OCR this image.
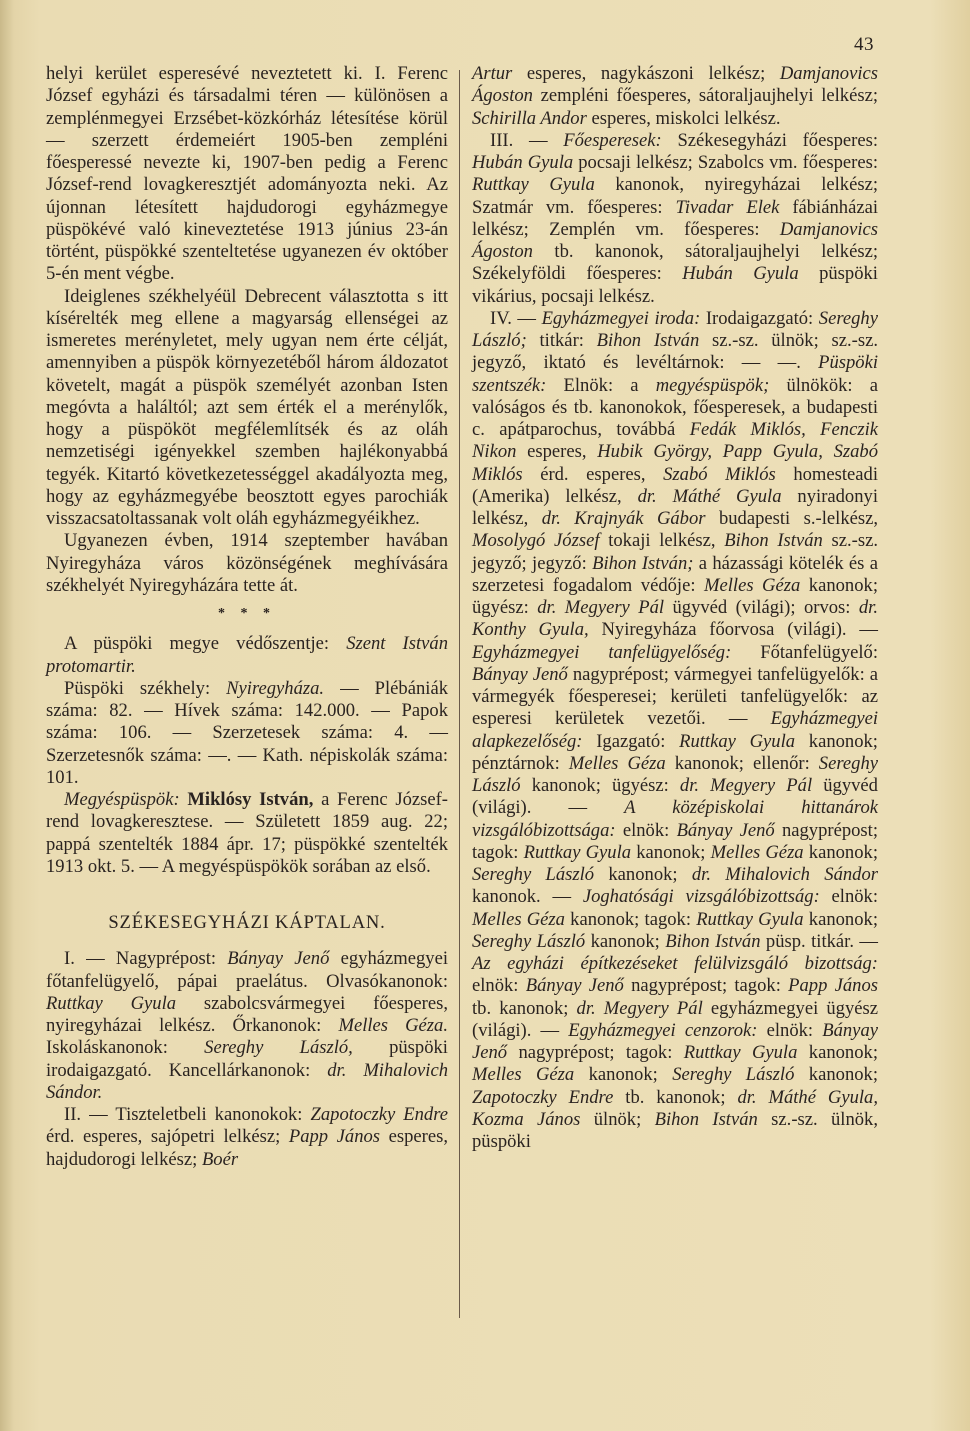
43

helyi kerület esperesévé neveztetett ki. I. Ferenc József egyházi és társadalmi téren — különösen a zemplénmegyei Erzsébet-közkórház létesítése körül — szerzett érdemeiért 1905-ben zempléni főesperessé nevezte ki, 1907-ben pedig a Ferenc József-rend lovagkeresztjét adományozta neki. Az újonnan létesített hajdudorogi egyházmegye püspökévé való kineveztetése 1913 június 23-án történt, püspökké szenteltetése ugyanezen év október 5-én ment végbe.

Ideiglenes székhelyéül Debrecent választotta s itt kísérelték meg ellene a magyarság ellenségei az ismeretes merényletet, mely ugyan nem érte célját, amennyiben a püspök környezetéből három áldozatot követelt, magát a püspök személyét azonban Isten megóvta a haláltól; azt sem érték el a merénylők, hogy a püspököt megfélemlítsék és az oláh nemzetiségi igényekkel szemben hajlékonyabbá tegyék. Kitartó következetességgel akadályozta meg, hogy az egyházmegyébe beosztott egyes parochiák visszacsatoltassanak volt oláh egyházmegyéikhez.

Ugyanezen évben, 1914 szeptember havában Nyiregyháza város közönségének meghívására székhelyét Nyiregyházára tette át.

* * *

A püspöki megye védőszentje: Szent István protomartir.

Püspöki székhely: Nyiregyháza. — Plébániák száma: 82. — Hívek száma: 142.000. — Papok száma: 106. — Szerzetesek száma: 4. — Szerzetesnők száma: —. — Kath. népiskolák száma: 101.

Megyéspüspök: Miklósy István, a Ferenc József-rend lovagkeresztese. — Született 1859 aug. 22; pappá szentelték 1884 ápr. 17; püspökké szentelték 1913 okt. 5. — A megyéspüspökök sorában az első.

SZÉKESEGYHÁZI KÁPTALAN.

I. — Nagyprépost: Bányay Jenő egyházmegyei főtanfelügyelő, pápai praelátus. Olvasókanonok: Ruttkay Gyula szabolcsvármegyei főesperes, nyiregyházai lelkész. Őrkanonok: Melles Géza. Iskoláskanonok: Sereghy László, püspöki irodaigazgató. Kancellárkanonok: dr. Mihalovich Sándor.

II. — Tiszteletbeli kanonokok: Zapotoczky Endre érd. esperes, sajópetri lelkész; Papp János esperes, hajdudorogi lelkész; Boér

Artur esperes, nagykászoni lelkész; Damjanovics Ágoston zempléni főesperes, sátoraljaujhelyi lelkész; Schirilla Andor esperes, miskolci lelkész.

III. — Főesperesek: Székesegyházi főesperes: Hubán Gyula pocsaji lelkész; Szabolcs vm. főesperes: Ruttkay Gyula kanonok, nyiregyházai lelkész; Szatmár vm. főesperes: Tivadar Elek fábiánházai lelkész; Zemplén vm. főesperes: Damjanovics Ágoston tb. kanonok, sátoraljaujhelyi lelkész; Székelyföldi főesperes: Hubán Gyula püspöki vikárius, pocsaji lelkész.

IV. — Egyházmegyei iroda: Irodaigazgató: Sereghy László; titkár: Bihon István sz.-sz. ülnök; sz.-sz. jegyző, iktató és levéltárnok: — —. Püspöki szentszék: Elnök: a megyéspüspök; ülnökök: a valóságos és tb. kanonokok, főesperesek, a budapesti c. apátparochus, továbbá Fedák Miklós, Fenczik Nikon esperes, Hubik György, Papp Gyula, Szabó Miklós érd. esperes, Szabó Miklós homesteadi (Amerika) lelkész, dr. Máthé Gyula nyiradonyi lelkész, dr. Krajnyák Gábor budapesti s.-lelkész, Mosolygó József tokaji lelkész, Bihon István sz.-sz. jegyző; jegyző: Bihon István; a házassági kötelék és a szerzetesi fogadalom védője: Melles Géza kanonok; ügyész: dr. Megyery Pál ügyvéd (világi); orvos: dr. Konthy Gyula, Nyiregyháza főorvosa (világi). — Egyházmegyei tanfelügyelőség: Főtanfelügyelő: Bányay Jenő nagyprépost; vármegyei tanfelügyelők: a vármegyék főesperesei; kerületi tanfelügyelők: az esperesi kerületek vezetői. — Egyházmegyei alapkezelőség: Igazgató: Ruttkay Gyula kanonok; pénztárnok: Melles Géza kanonok; ellenőr: Sereghy László kanonok; ügyész: dr. Megyery Pál ügyvéd (világi). — A középiskolai hittanárok vizsgálóbizottsága: elnök: Bányay Jenő nagyprépost; tagok: Ruttkay Gyula kanonok; Melles Géza kanonok; Sereghy László kanonok; dr. Mihalovich Sándor kanonok. — Joghatósági vizsgálóbizottság: elnök: Melles Géza kanonok; tagok: Ruttkay Gyula kanonok; Sereghy László kanonok; Bihon István püsp. titkár. — Az egyházi építkezéseket felülvizsgáló bizottság: elnök: Bányay Jenő nagyprépost; tagok: Papp János tb. kanonok; dr. Megyery Pál egyházmegyei ügyész (világi). — Egyházmegyei cenzorok: elnök: Bányay Jenő nagyprépost; tagok: Ruttkay Gyula kanonok; Melles Géza kanonok; Sereghy László kanonok; Zapotoczky Endre tb. kanonok; dr. Máthé Gyula, Kozma János ülnök; Bihon István sz.-sz. ülnök, püspöki
